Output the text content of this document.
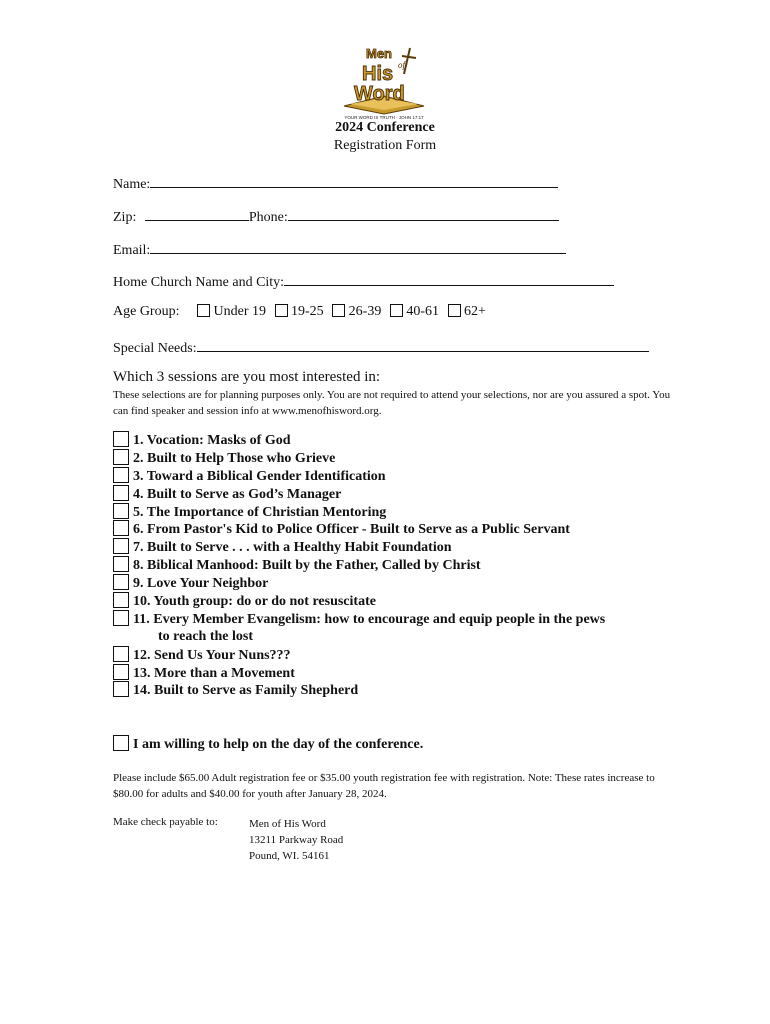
Men
of
His
Word
YOUR WORD IS TRUTH · JOHN 17:17
2024 Conference
Registration Form
Name:
Zip:	Phone:
Email:
Home Church Name and City:
Age Group: Under 19 19-25 26-39 40-61 62+
Special Needs:
Which 3 sessions are you most interested in:
These selections are for planning purposes only. You are not required to attend your selections, nor are you assured a spot. You can find speaker and session info at www.menofhisword.org.
1. Vocation: Masks of God
2. Built to Help Those who Grieve
3. Toward a Biblical Gender Identification
4. Built to Serve as God’s Manager
5. The Importance of Christian Mentoring
6. From Pastor's Kid to Police Officer - Built to Serve as a Public Servant
7. Built to Serve . . . with a Healthy Habit Foundation
8. Biblical Manhood: Built by the Father, Called by Christ
9. Love Your Neighbor
10. Youth group: do or do not resuscitate
11. Every Member Evangelism: how to encourage and equip people in the pews
to reach the lost
12. Send Us Your Nuns???
13. More than a Movement
14. Built to Serve as Family Shepherd
I am willing to help on the day of the conference.
Please include $65.00 Adult registration fee or $35.00 youth registration fee with registration. Note: These rates increase to $80.00 for adults and $40.00 for youth after January 28, 2024.
Make check payable to:	Men of His Word
13211 Parkway Road
Pound, WI. 54161
